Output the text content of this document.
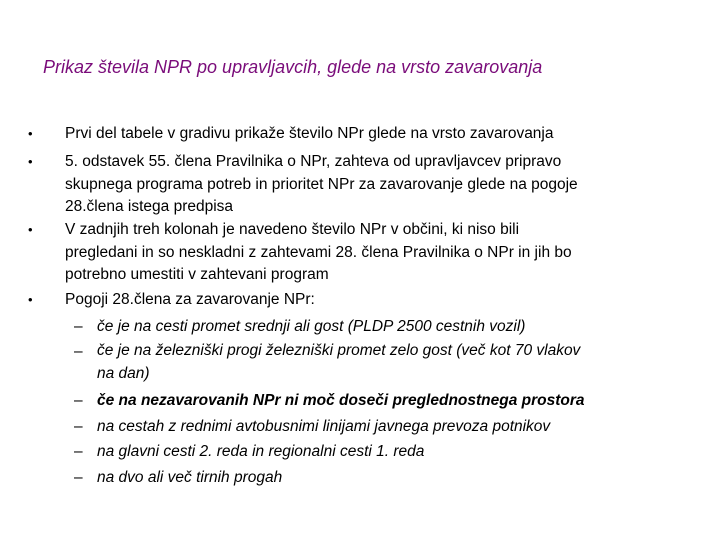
Prikaz števila NPR po upravljavcih, glede na vrsto zavarovanja
• Prvi del tabele v gradivu prikaže število NPr glede na vrsto zavarovanja
• 5. odstavek 55. člena Pravilnika o NPr, zahteva od upravljavcev pripravo
skupnega programa potreb in prioritet NPr za zavarovanje glede na pogoje
28.člena istega predpisa
• V zadnjih treh kolonah je navedeno število NPr v občini, ki niso bili
pregledani in so neskladni z zahtevami 28. člena Pravilnika o NPr in jih bo
potrebno umestiti v zahtevani program
• Pogoji 28.člena za zavarovanje NPr:
– če je na cesti promet srednji ali gost (PLDP 2500 cestnih vozil)
– če je na železniški progi železniški promet zelo gost (več kot 70 vlakov
na dan)
– če na nezavarovanih NPr ni moč doseči preglednostnega prostora
– na cestah z rednimi avtobusnimi linijami javnega prevoza potnikov
– na glavni cesti 2. reda in regionalni cesti 1. reda
– na dvo ali več tirnih progah
